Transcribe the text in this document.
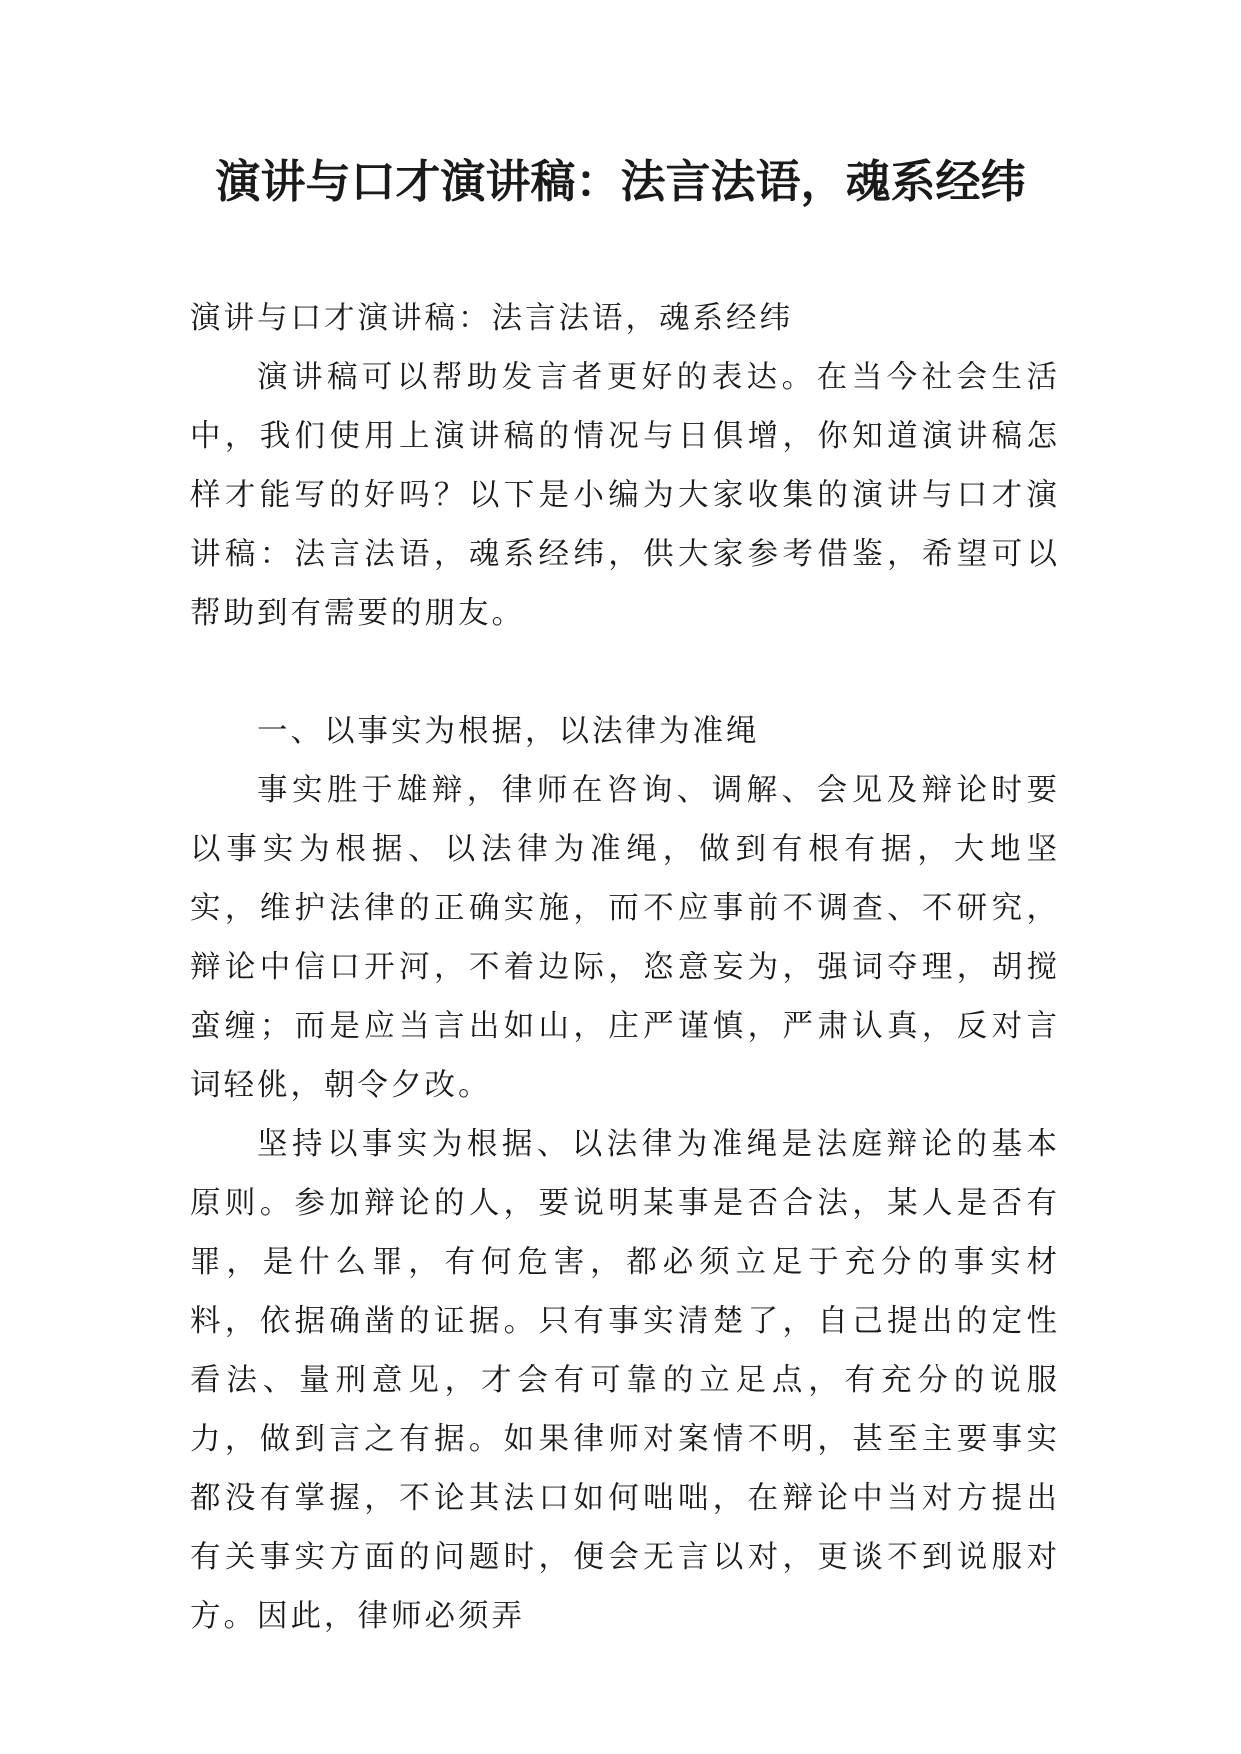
演讲与口才演讲稿：法言法语，魂系经纬

演讲与口才演讲稿：法言法语，魂系经纬

演讲稿可以帮助发言者更好的表达。在当今社会生活中，我们使用上演讲稿的情况与日俱增，你知道演讲稿怎样才能写的好吗？以下是小编为大家收集的演讲与口才演讲稿：法言法语，魂系经纬，供大家参考借鉴，希望可以帮助到有需要的朋友。

一、以事实为根据，以法律为准绳

事实胜于雄辩，律师在咨询、调解、会见及辩论时要以事实为根据、以法律为准绳，做到有根有据，大地坚实，维护法律的正确实施，而不应事前不调查、不研究，辩论中信口开河，不着边际，恣意妄为，强词夺理，胡搅蛮缠；而是应当言出如山，庄严谨慎，严肃认真，反对言词轻佻，朝令夕改。

坚持以事实为根据、以法律为准绳是法庭辩论的基本原则。参加辩论的人，要说明某事是否合法，某人是否有罪，是什么罪，有何危害，都必须立足于充分的事实材料，依据确凿的证据。只有事实清楚了，自己提出的定性看法、量刑意见，才会有可靠的立足点，有充分的说服力，做到言之有据。如果律师对案情不明，甚至主要事实都没有掌握，不论其法口如何咄咄，在辩论中当对方提出有关事实方面的问题时，便会无言以对，更谈不到说服对方。因此，律师必须弄
